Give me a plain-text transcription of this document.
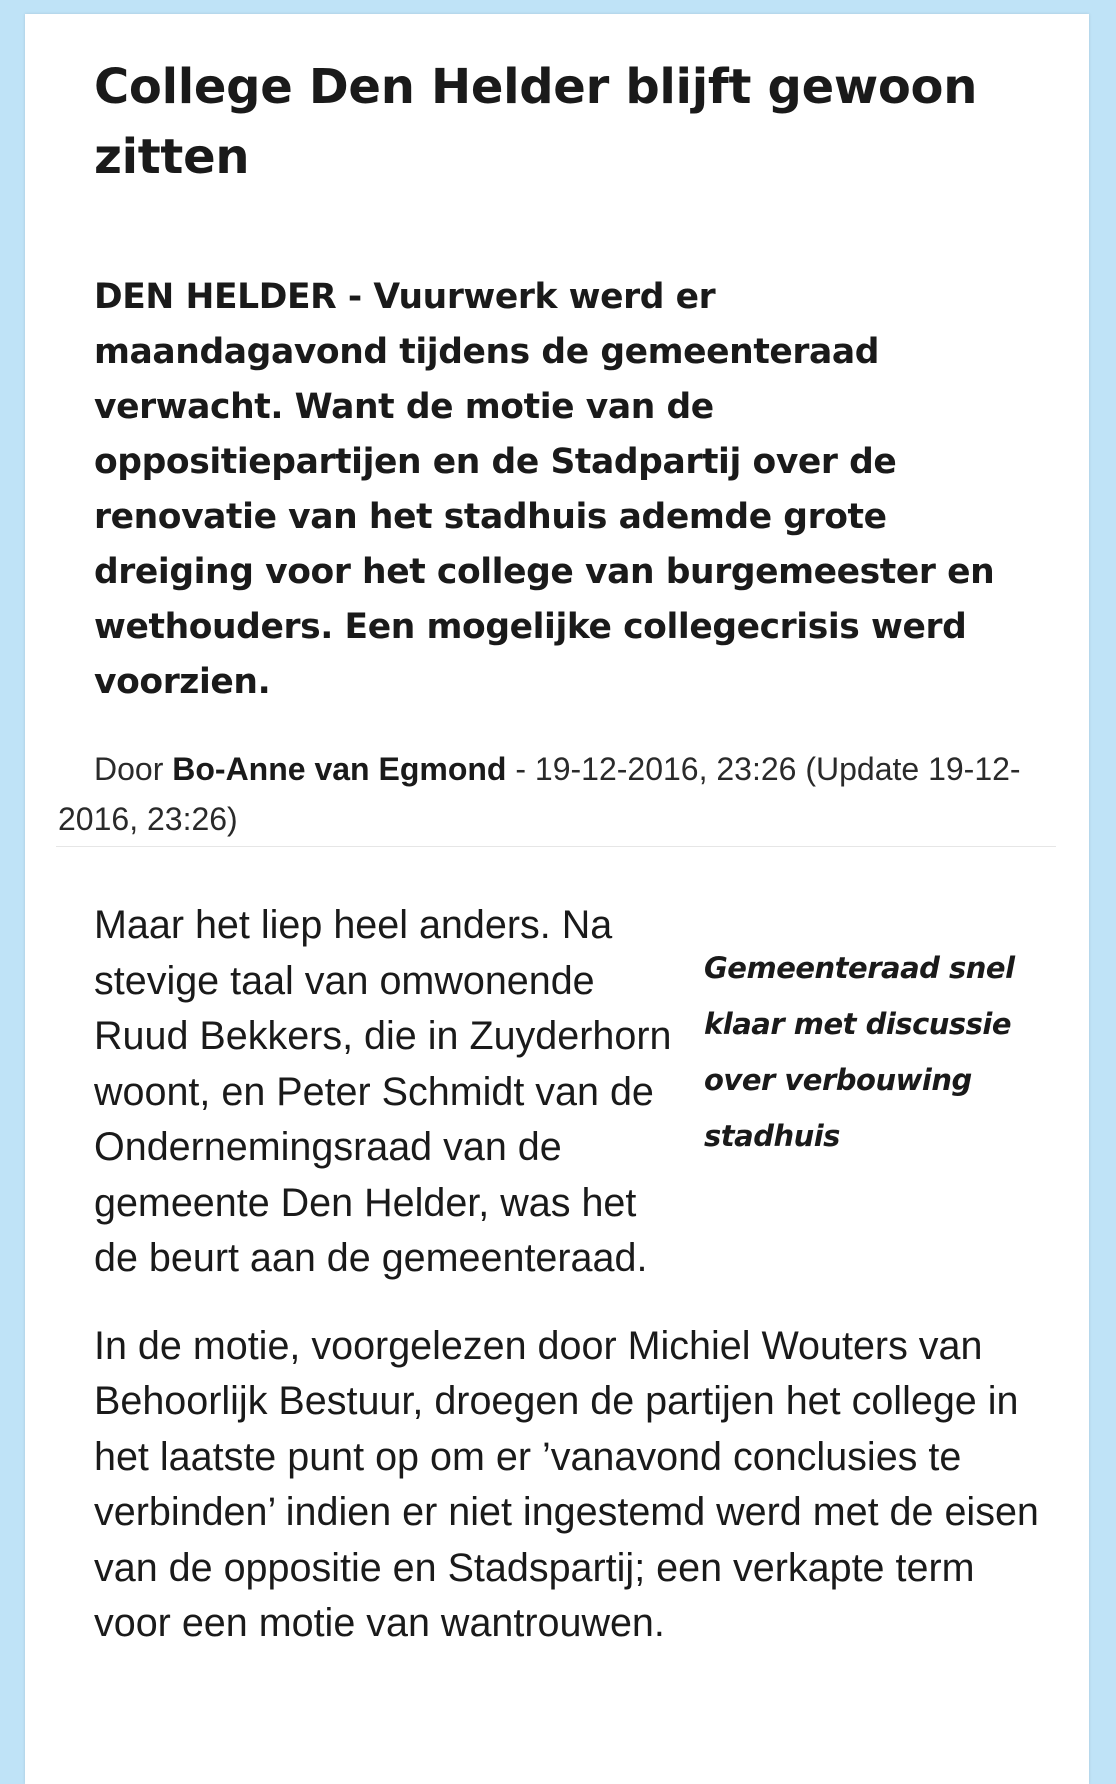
College Den Helder blijft gewoon zitten

DEN HELDER - Vuurwerk werd er maandagavond tijdens de gemeenteraad verwacht. Want de motie van de oppositiepartijen en de Stadpartij over de renovatie van het stadhuis ademde grote dreiging voor het college van burgemeester en wethouders. Een mogelijke collegecrisis werd voorzien.

Door Bo-Anne van Egmond - 19-12-2016, 23:26 (Update 19-12-2016, 23:26)
Gemeenteraad snel klaar met discussie over verbouwing stadhuis

Maar het liep heel anders. Na stevige taal van omwonende Ruud Bekkers, die in Zuyderhorn woont, en Peter Schmidt van de Ondernemingsraad van de gemeente Den Helder, was het de beurt aan de gemeenteraad.

In de motie, voorgelezen door Michiel Wouters van Behoorlijk Bestuur, droegen de partijen het college in het laatste punt op om er ’vanavond conclusies te verbinden’ indien er niet ingestemd werd met de eisen van de oppositie en Stadspartij; een verkapte term voor een motie van wantrouwen.
